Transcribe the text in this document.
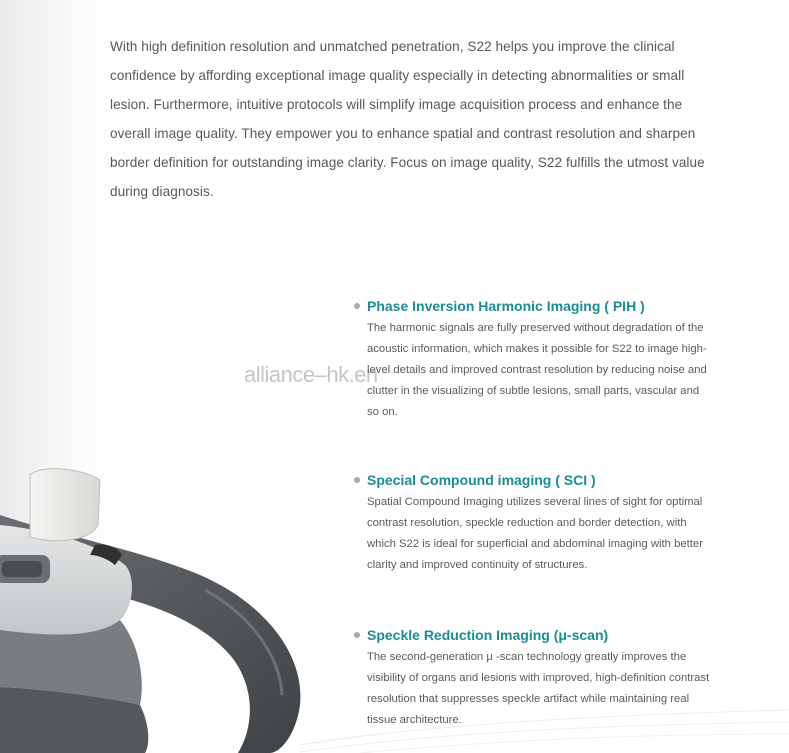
With high definition resolution and unmatched penetration, S22 helps you improve the clinical confidence by affording exceptional image quality especially in detecting abnormalities or small lesion. Furthermore, intuitive protocols will simplify image acquisition process and enhance the overall image quality. They empower you to enhance spatial and contrast resolution and sharpen border definition for outstanding image clarity. Focus on image quality, S22 fulfills the utmost value during diagnosis.

alliance–hk.en
Phase Inversion Harmonic Imaging ( PIH )

The harmonic signals are fully preserved without degradation of the acoustic information, which makes it possible for S22 to image high-level details and improved contrast resolution by reducing noise and clutter in the visualizing of subtle lesions, small parts, vascular and so on.

Special Compound imaging ( SCI )

Spatial Compound Imaging utilizes several lines of sight for optimal contrast resolution, speckle reduction and border detection, with which S22 is ideal for superficial and abdominal imaging with better clarity and improved continuity of structures.

Speckle Reduction Imaging (μ-scan)

The second-generation μ -scan technology greatly improves the visibility of organs and lesions with improved, high-definition contrast resolution that suppresses speckle artifact while maintaining real tissue architecture.
